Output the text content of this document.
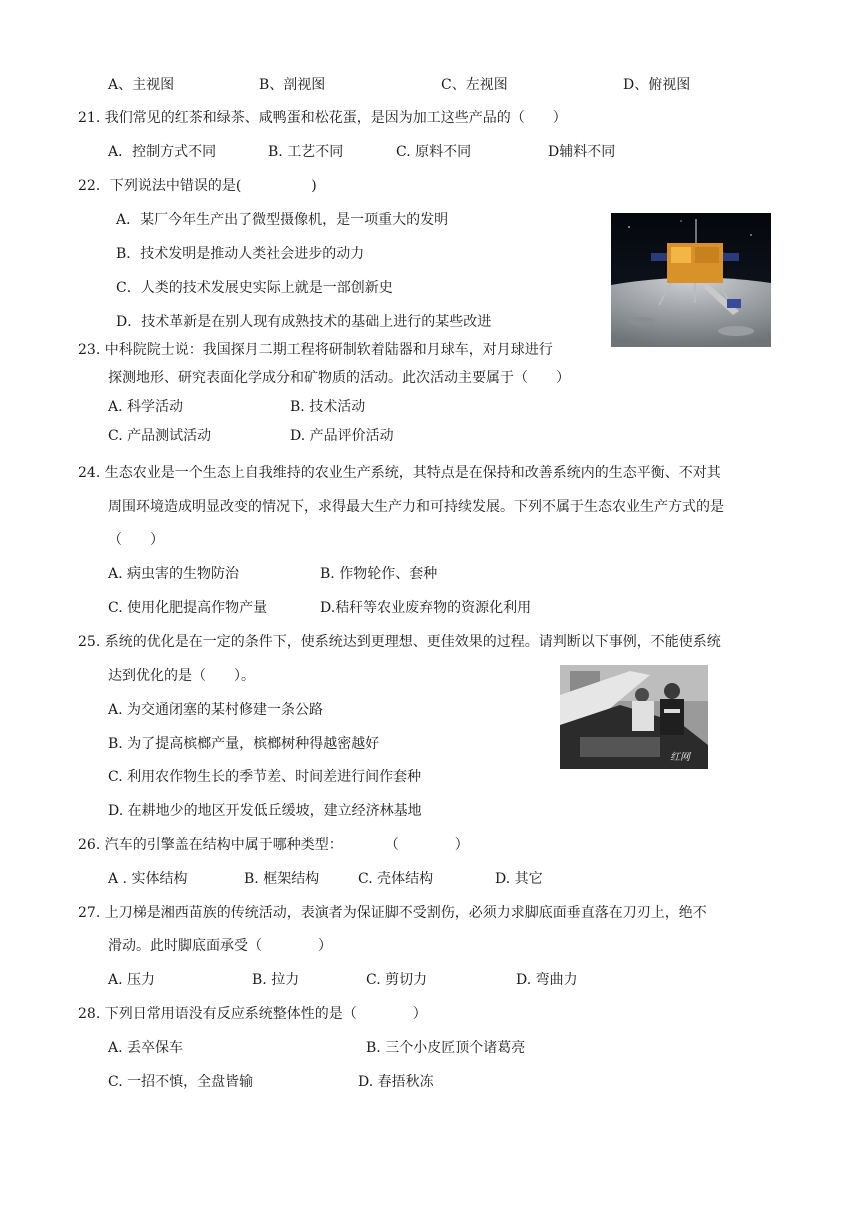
A、主视图	B、剖视图	C、左视图	D、俯视图
21. 我们常见的红茶和绿茶、咸鸭蛋和松花蛋，是因为加工这些产品的（　　）
A．控制方式不同	B. 工艺不同	C. 原料不同	D辅料不同
22．下列说法中错误的是(　　　　　)
A．某厂今年生产出了微型摄像机，是一项重大的发明
B．技术发明是推动人类社会进步的动力
C．人类的技术发展史实际上就是一部创新史
D．技术革新是在别人现有成熟技术的基础上进行的某些改进
23. 中科院院士说：我国探月二期工程将研制软着陆器和月球车，对月球进行
探测地形、研究表面化学成分和矿物质的活动。此次活动主要属于（　　）
A. 科学活动	B. 技术活动
C. 产品测试活动	D. 产品评价活动
24. 生态农业是一个生态上自我维持的农业生产系统，其特点是在保持和改善系统内的生态平衡、不对其
周围环境造成明显改变的情况下，求得最大生产力和可持续发展。下列不属于生态农业生产方式的是
（　　）
A. 病虫害的生物防治	B. 作物轮作、套种
C. 使用化肥提高作物产量	D.秸秆等农业废弃物的资源化利用
25. 系统的优化是在一定的条件下，使系统达到更理想、更佳效果的过程。请判断以下事例，不能使系统
达到优化的是（　　）。
A. 为交通闭塞的某村修建一条公路
B. 为了提高槟榔产量，槟榔树种得越密越好
C. 利用农作物生长的季节差、时间差进行间作套种
D. 在耕地少的地区开发低丘缓坡，建立经济林基地
红网
26. 汽车的引擎盖在结构中属于哪种类型：　　　　（　　　　）
A . 实体结构	B. 框架结构	C. 壳体结构	D. 其它
27. 上刀梯是湘西苗族的传统活动，表演者为保证脚不受割伤，必须力求脚底面垂直落在刀刃上，绝不
滑动。此时脚底面承受（　　　　）
A. 压力	B. 拉力	C. 剪切力	D. 弯曲力
28. 下列日常用语没有反应系统整体性的是（　　　　）
A. 丢卒保车	B. 三个小皮匠顶个诸葛亮
C. 一招不慎，全盘皆输	D. 春捂秋冻
